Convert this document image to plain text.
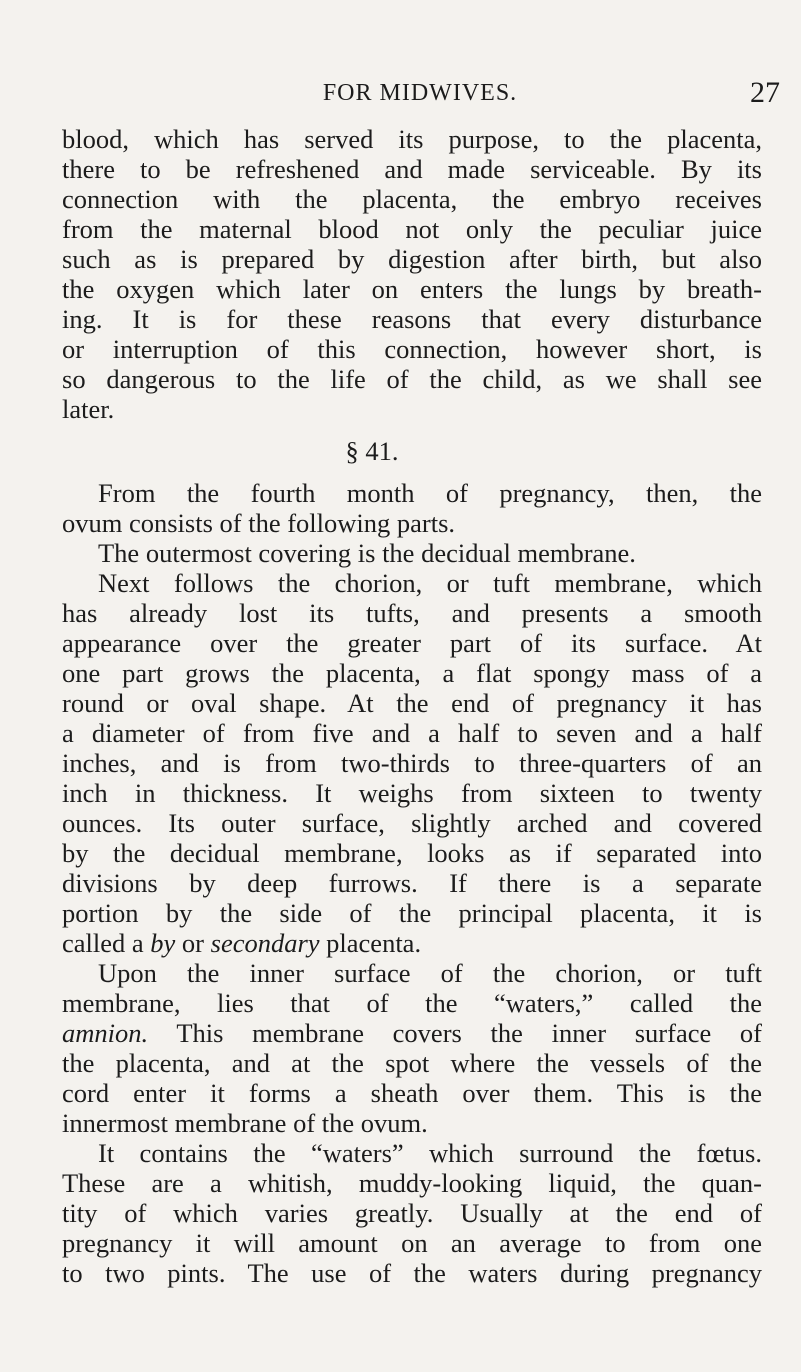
FOR MIDWIVES.	27
blood, which has served its purpose, to the placenta,
there to be refreshened and made serviceable. By its
connection with the placenta, the embryo receives
from the maternal blood not only the peculiar juice
such as is prepared by digestion after birth, but also
the oxygen which later on enters the lungs by breath-
ing. It is for these reasons that every disturbance
or interruption of this connection, however short, is
so dangerous to the life of the child, as we shall see
later.
§ 41.
From the fourth month of pregnancy, then, the
ovum consists of the following parts.
The outermost covering is the decidual membrane.
Next follows the chorion, or tuft membrane, which
has already lost its tufts, and presents a smooth
appearance over the greater part of its surface. At
one part grows the placenta, a flat spongy mass of a
round or oval shape. At the end of pregnancy it has
a diameter of from five and a half to seven and a half
inches, and is from two-thirds to three-quarters of an
inch in thickness. It weighs from sixteen to twenty
ounces. Its outer surface, slightly arched and covered
by the decidual membrane, looks as if separated into
divisions by deep furrows. If there is a separate
portion by the side of the principal placenta, it is
called a by or secondary placenta.
Upon the inner surface of the chorion, or tuft
membrane, lies that of the “waters,” called the
amnion. This membrane covers the inner surface of
the placenta, and at the spot where the vessels of the
cord enter it forms a sheath over them. This is the
innermost membrane of the ovum.
It contains the “waters” which surround the fœtus.
These are a whitish, muddy-looking liquid, the quan-
tity of which varies greatly. Usually at the end of
pregnancy it will amount on an average to from one
to two pints. The use of the waters during pregnancy
